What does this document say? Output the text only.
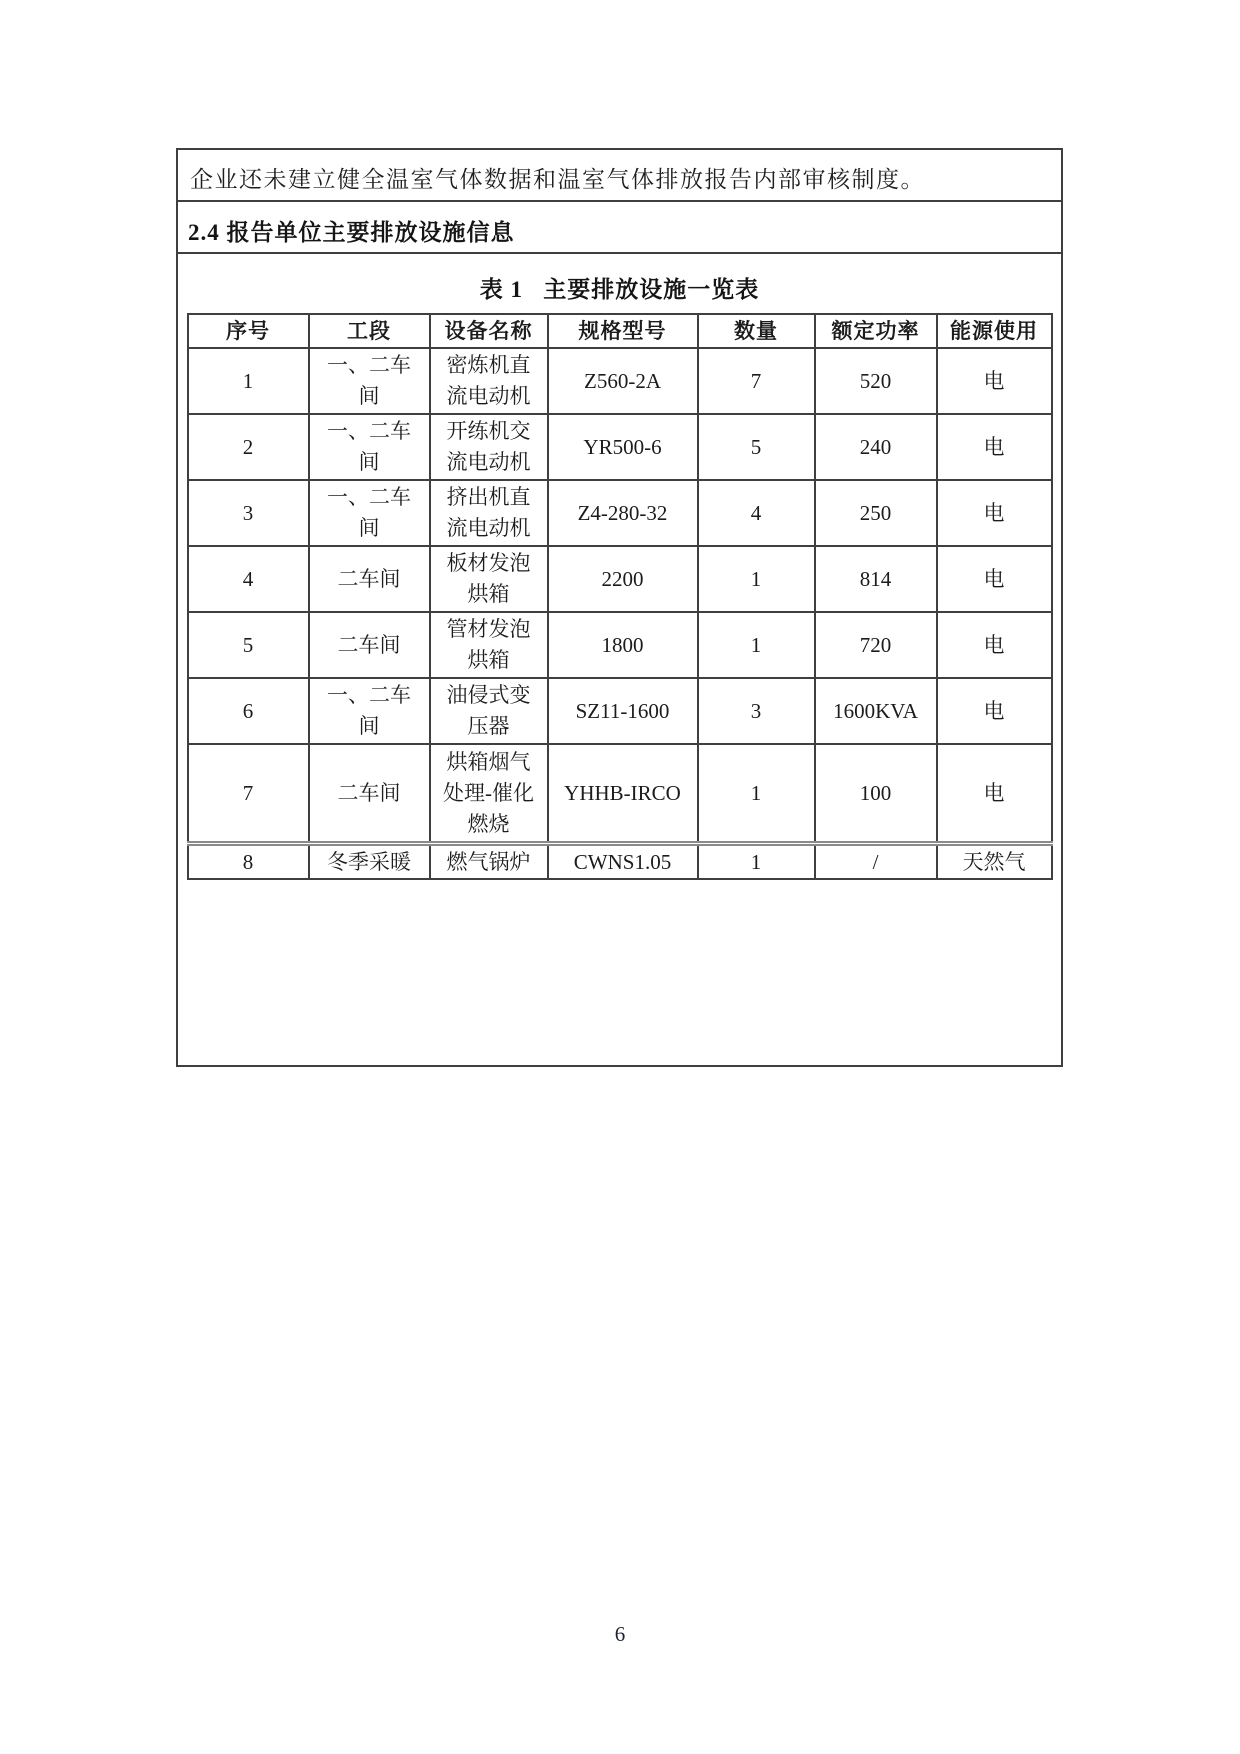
企业还未建立健全温室气体数据和温室气体排放报告内部审核制度。

2.4 报告单位主要排放设施信息
表 1   主要排放设施一览表
序号	工段	设备名称	规格型号	数量	额定功率	能源使用
1	一、二车间	密炼机直流电动机	Z560-2A	7	520	电
2	一、二车间	开练机交流电动机	YR500-6	5	240	电
3	一、二车间	挤出机直流电动机	Z4-280-32	4	250	电
4	二车间	板材发泡烘箱	2200	1	814	电
5	二车间	管材发泡烘箱	1800	1	720	电
6	一、二车间	油侵式变压器	SZ11-1600	3	1600KVA	电
7	二车间	烘箱烟气处理-催化燃烧	YHHB-IRCO	1	100	电
8	冬季采暖	燃气锅炉	CWNS1.05	1	/	天然气
6
